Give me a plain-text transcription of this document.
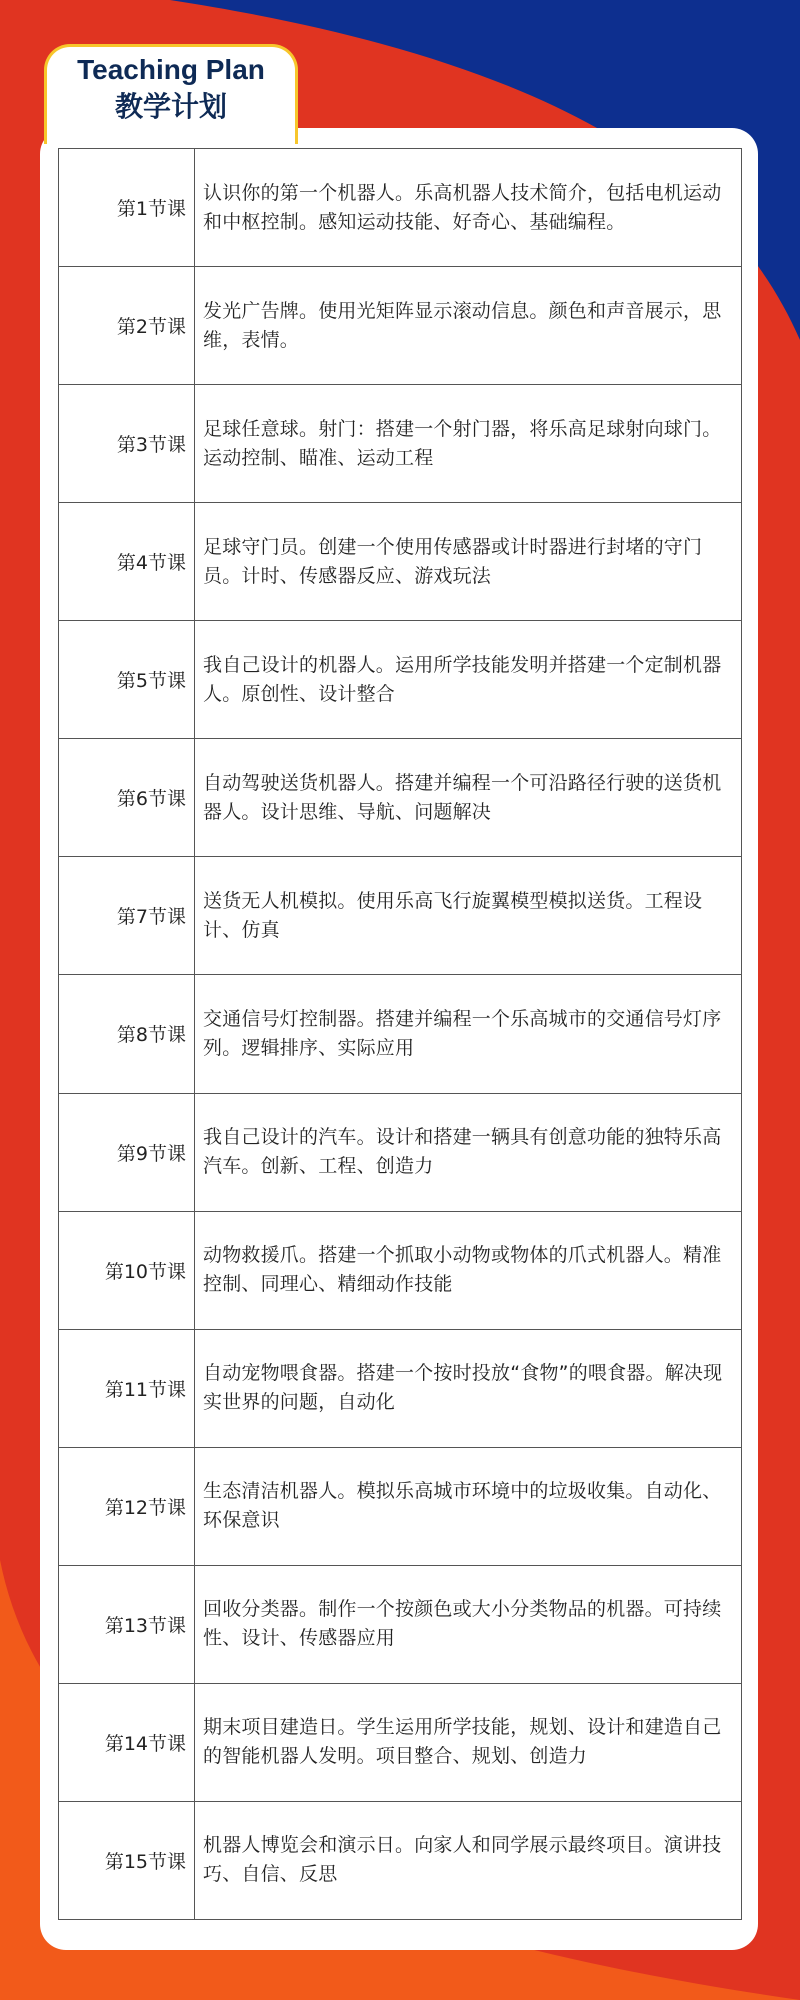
Teaching Plan
教学计划
第1节课	认识你的第一个机器人。乐高机器人技术简介，包括电机运动和中枢控制。感知运动技能、好奇心、基础编程。
第2节课	发光广告牌。使用光矩阵显示滚动信息。颜色和声音展示，思维，表情。
第3节课	足球任意球。射门：搭建一个射门器，将乐高足球射向球门。运动控制、瞄准、运动工程
第4节课	足球守门员。创建一个使用传感器或计时器进行封堵的守门员。计时、传感器反应、游戏玩法
第5节课	我自己设计的机器人。运用所学技能发明并搭建一个定制机器人。原创性、设计整合
第6节课	自动驾驶送货机器人。搭建并编程一个可沿路径行驶的送货机器人。设计思维、导航、问题解决
第7节课	送货无人机模拟。使用乐高飞行旋翼模型模拟送货。工程设计、仿真
第8节课	交通信号灯控制器。搭建并编程一个乐高城市的交通信号灯序列。逻辑排序、实际应用
第9节课	我自己设计的汽车。设计和搭建一辆具有创意功能的独特乐高汽车。创新、工程、创造力
第10节课	动物救援爪。搭建一个抓取小动物或物体的爪式机器人。精准控制、同理心、精细动作技能
第11节课	自动宠物喂食器。搭建一个按时投放“食物”的喂食器。解决现实世界的问题，自动化
第12节课	生态清洁机器人。模拟乐高城市环境中的垃圾收集。自动化、环保意识
第13节课	回收分类器。制作一个按颜色或大小分类物品的机器。可持续性、设计、传感器应用
第14节课	期末项目建造日。学生运用所学技能，规划、设计和建造自己的智能机器人发明。项目整合、规划、创造力
第15节课	机器人博览会和演示日。向家人和同学展示最终项目。演讲技巧、自信、反思
